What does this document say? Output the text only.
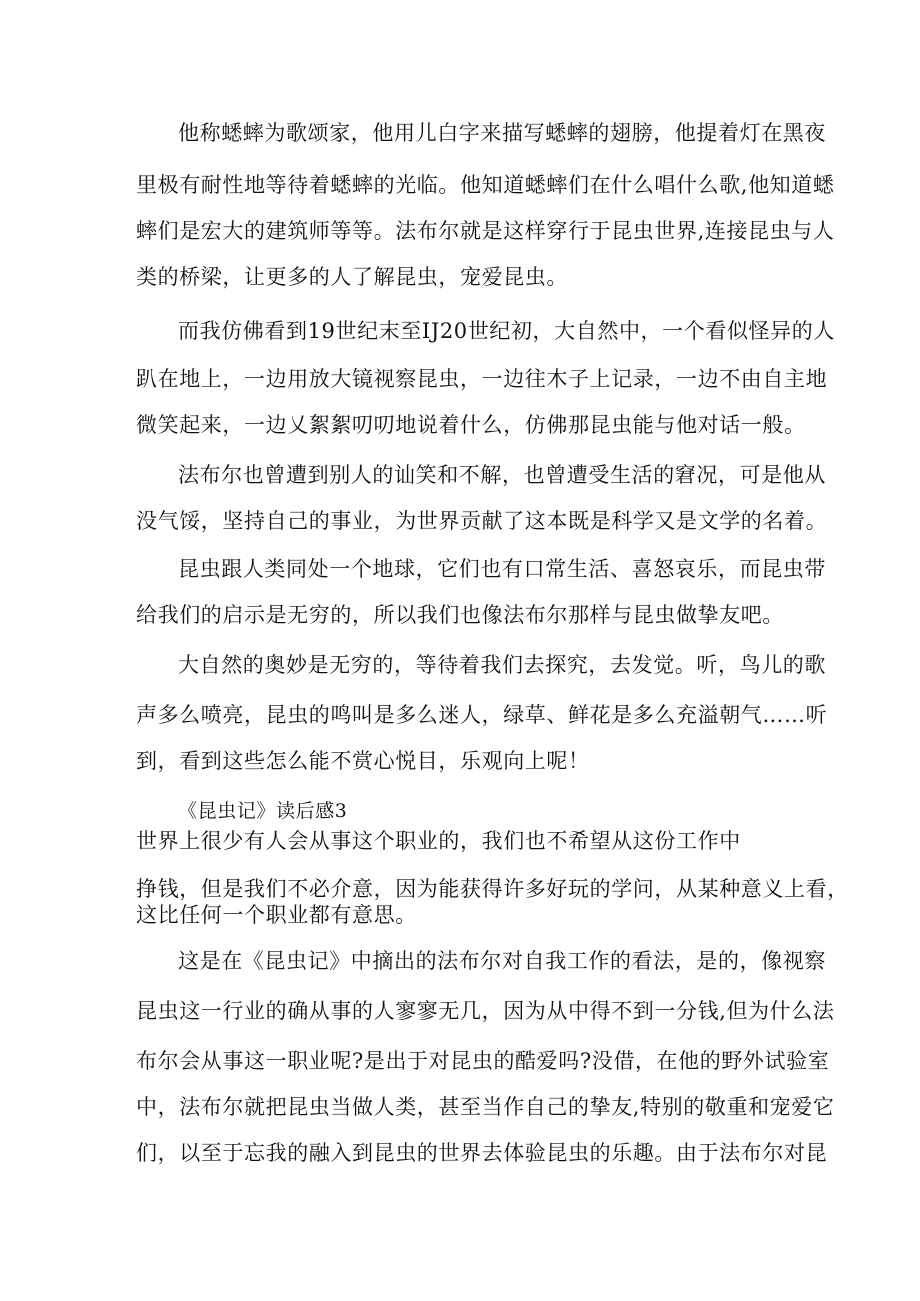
他称蟋蟀为歌颂家，他用儿白字来描写蟋蟀的翅膀，他提着灯在黑夜
里极有耐性地等待着蟋蟀的光临。他知道蟋蟀们在什么唱什么歌,他知道蟋
蟀们是宏大的建筑师等等。法布尔就是这样穿行于昆虫世界,连接昆虫与人
类的桥梁，让更多的人了解昆虫，宠爱昆虫。
而我仿佛看到19世纪末至IJ20世纪初，大自然中，一个看似怪异的人
趴在地上，一边用放大镜视察昆虫，一边往木子上记录，一边不由自主地
微笑起来，一边乂絮絮叨叨地说着什么，仿佛那昆虫能与他对话一般。
法布尔也曾遭到别人的讪笑和不解，也曾遭受生活的窘况，可是他从
没气馁，坚持自己的事业，为世界贡献了这本既是科学又是文学的名着。
昆虫跟人类同处一个地球，它们也有口常生活、喜怒哀乐，而昆虫带
给我们的启示是无穷的，所以我们也像法布尔那样与昆虫做挚友吧。
大自然的奥妙是无穷的，等待着我们去探究，去发觉。听，鸟儿的歌
声多么喷亮，昆虫的鸣叫是多么迷人，绿草、鲜花是多么充溢朝气……听
到，看到这些怎么能不赏心悦目，乐观向上呢！
《昆虫记》读后感3
世界上很少有人会从事这个职业的，我们也不希望从这份工作中
挣钱，但是我们不必介意，因为能获得许多好玩的学问，从某种意义上看，
这比任何一个职业都有意思。
这是在《昆虫记》中摘出的法布尔对自我工作的看法，是的，像视察
昆虫这一行业的确从事的人寥寥无几，因为从中得不到一分钱,但为什么法
布尔会从事这一职业呢?是出于对昆虫的酷爱吗?没借，在他的野外试验室
中，法布尔就把昆虫当做人类，甚至当作自己的挚友,特别的敬重和宠爱它
们，以至于忘我的融入到昆虫的世界去体验昆虫的乐趣。由于法布尔对昆
